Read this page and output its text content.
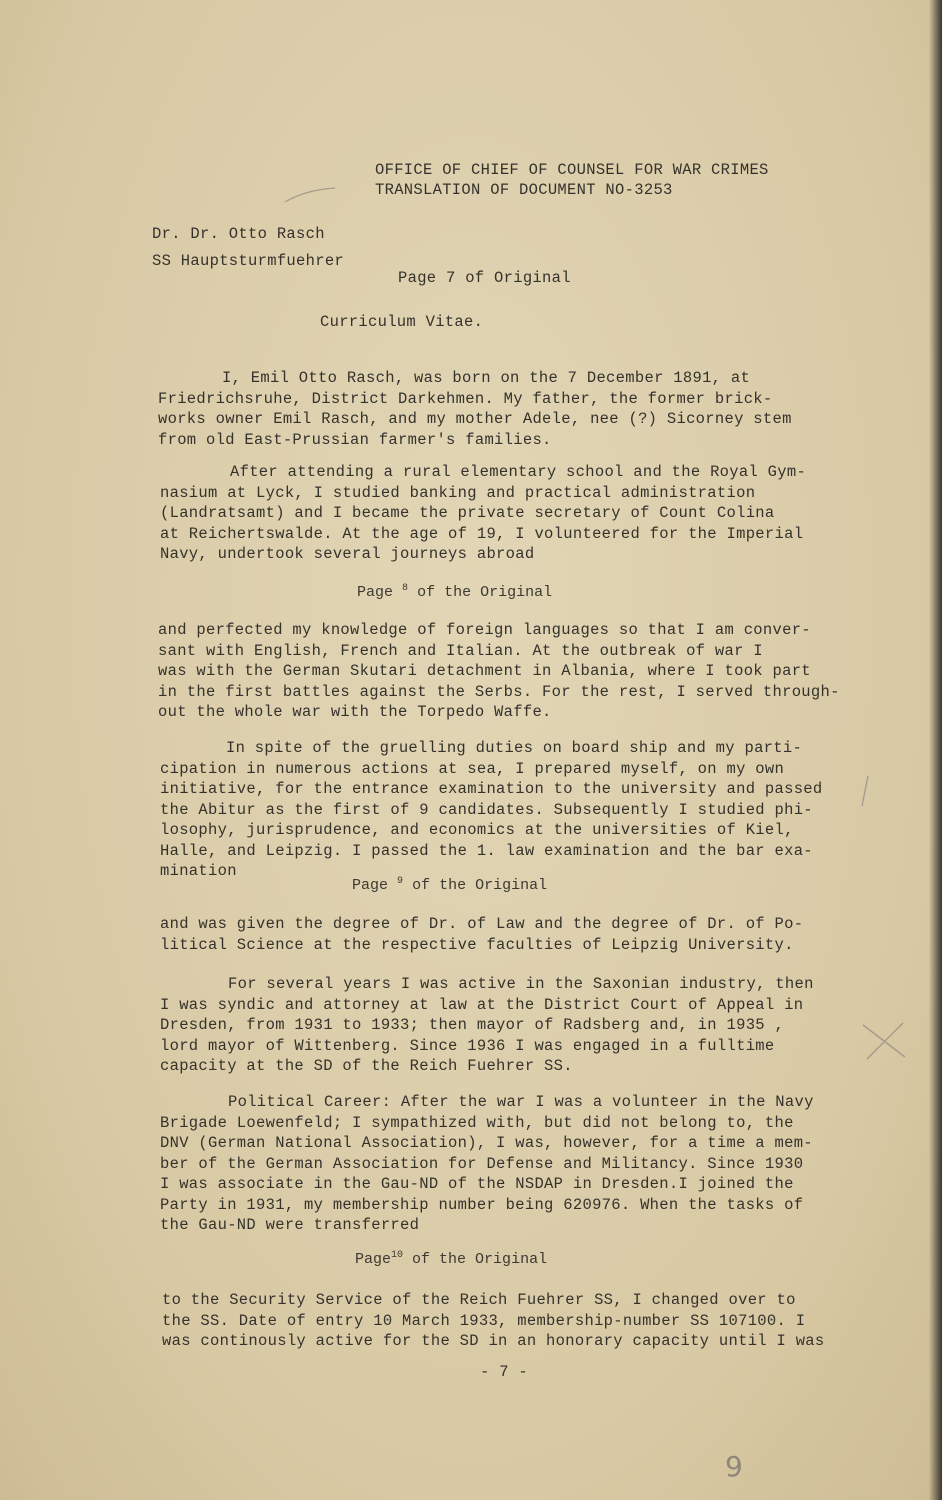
OFFICE OF CHIEF OF COUNSEL FOR WAR CRIMES

TRANSLATION OF DOCUMENT NO-3253

Dr. Dr. Otto Rasch

SS Hauptsturmfuehrer

Page 7 of Original

Curriculum Vitae.

I, Emil Otto Rasch, was born on the 7 December 1891, at
Friedrichsruhe, District Darkehmen. My father, the former brick-
works owner Emil Rasch, and my mother Adele, nee (?) Sicorney stem
from old East-Prussian farmer's families.
After attending a rural elementary school and the Royal Gym-
nasium at Lyck, I studied banking and practical administration
(Landratsamt) and I became the private secretary of Count Colina
at Reichertswalde. At the age of 19, I volunteered for the Imperial
Navy, undertook several journeys abroad

Page $^8$ of the Original

and perfected my knowledge of foreign languages so that I am conver-
sant with English, French and Italian. At the outbreak of war I
was with the German Skutari detachment in Albania, where I took part
in the first battles against the Serbs. For the rest, I served through-
out the whole war with the Torpedo Waffe.
In spite of the gruelling duties on board ship and my parti-
cipation in numerous actions at sea, I prepared myself, on my own
initiative, for the entrance examination to the university and passed
the Abitur as the first of 9 candidates. Subsequently I studied phi-
losophy, jurisprudence, and economics at the universities of Kiel,
Halle, and Leipzig. I passed the 1. law examination and the bar exa-
mination

Page $^9$ of the Original

and was given the degree of Dr. of Law and the degree of Dr. of Po-
litical Science at the respective faculties of Leipzig University.
For several years I was active in the Saxonian industry, then
I was syndic and attorney at law at the District Court of Appeal in
Dresden, from 1931 to 1933; then mayor of Radsberg and, in 1935 ,
lord mayor of Wittenberg. Since 1936 I was engaged in a fulltime
capacity at the SD of the Reich Fuehrer SS.
Political Career: After the war I was a volunteer in the Navy
Brigade Loewenfeld; I sympathized with, but did not belong to, the
DNV (German National Association), I was, however, for a time a mem-
ber of the German Association for Defense and Militancy. Since 1930
I was associate in the Gau-ND of the NSDAP in Dresden.I joined the
Party in 1931, my membership number being 620976. When the tasks of
the Gau-ND were transferred

Page$^{10}$ of the Original

to the Security Service of the Reich Fuehrer SS, I changed over to
the SS. Date of entry 10 March 1933, membership-number SS 107100. I
was continously active for the SD in an honorary capacity until I was

- 7 -

9
